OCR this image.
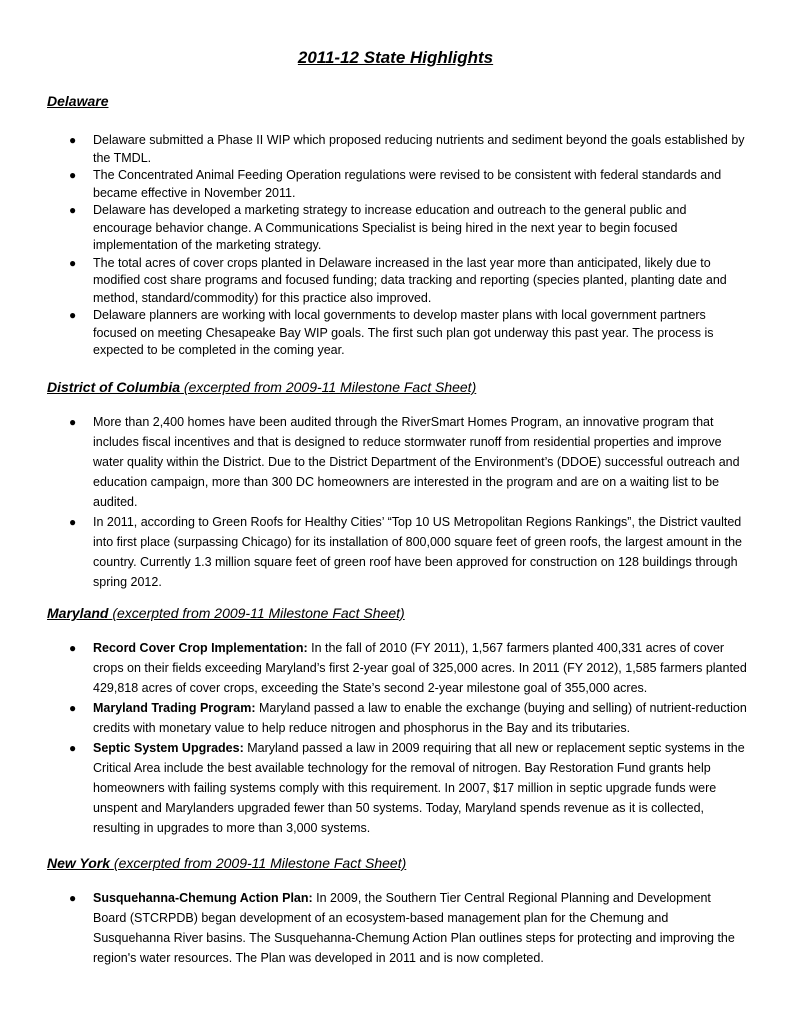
2011-12 State Highlights
Delaware
● Delaware submitted a Phase II WIP which proposed reducing nutrients and sediment beyond the goals established by the TMDL.
● The Concentrated Animal Feeding Operation regulations were revised to be consistent with federal standards and became effective in November 2011.
● Delaware has developed a marketing strategy to increase education and outreach to the general public and encourage behavior change. A Communications Specialist is being hired in the next year to begin focused implementation of the marketing strategy.
● The total acres of cover crops planted in Delaware increased in the last year more than anticipated, likely due to modified cost share programs and focused funding; data tracking and reporting (species planted, planting date and method, standard/commodity) for this practice also improved.
● Delaware planners are working with local governments to develop master plans with local government partners focused on meeting Chesapeake Bay WIP goals. The first such plan got underway this past year. The process is expected to be completed in the coming year.
District of Columbia (excerpted from 2009-11 Milestone Fact Sheet)
● More than 2,400 homes have been audited through the RiverSmart Homes Program, an innovative program that includes fiscal incentives and that is designed to reduce stormwater runoff from residential properties and improve water quality within the District. Due to the District Department of the Environment’s (DDOE) successful outreach and education campaign, more than 300 DC homeowners are interested in the program and are on a waiting list to be audited.
● In 2011, according to Green Roofs for Healthy Cities’ “Top 10 US Metropolitan Regions Rankings”, the District vaulted into first place (surpassing Chicago) for its installation of 800,000 square feet of green roofs, the largest amount in the country. Currently 1.3 million square feet of green roof have been approved for construction on 128 buildings through spring 2012.
Maryland (excerpted from 2009-11 Milestone Fact Sheet)
● Record Cover Crop Implementation: In the fall of 2010 (FY 2011), 1,567 farmers planted 400,331 acres of cover crops on their fields exceeding Maryland’s first 2-year goal of 325,000 acres. In 2011 (FY 2012), 1,585 farmers planted 429,818 acres of cover crops, exceeding the State’s second 2-year milestone goal of 355,000 acres.
● Maryland Trading Program: Maryland passed a law to enable the exchange (buying and selling) of nutrient-reduction credits with monetary value to help reduce nitrogen and phosphorus in the Bay and its tributaries.
● Septic System Upgrades: Maryland passed a law in 2009 requiring that all new or replacement septic systems in the Critical Area include the best available technology for the removal of nitrogen. Bay Restoration Fund grants help homeowners with failing systems comply with this requirement. In 2007, $17 million in septic upgrade funds were unspent and Marylanders upgraded fewer than 50 systems. Today, Maryland spends revenue as it is collected, resulting in upgrades to more than 3,000 systems.
New York (excerpted from 2009-11 Milestone Fact Sheet)
● Susquehanna-Chemung Action Plan: In 2009, the Southern Tier Central Regional Planning and Development Board (STCRPDB) began development of an ecosystem-based management plan for the Chemung and Susquehanna River basins. The Susquehanna-Chemung Action Plan outlines steps for protecting and improving the region's water resources. The Plan was developed in 2011 and is now completed.
